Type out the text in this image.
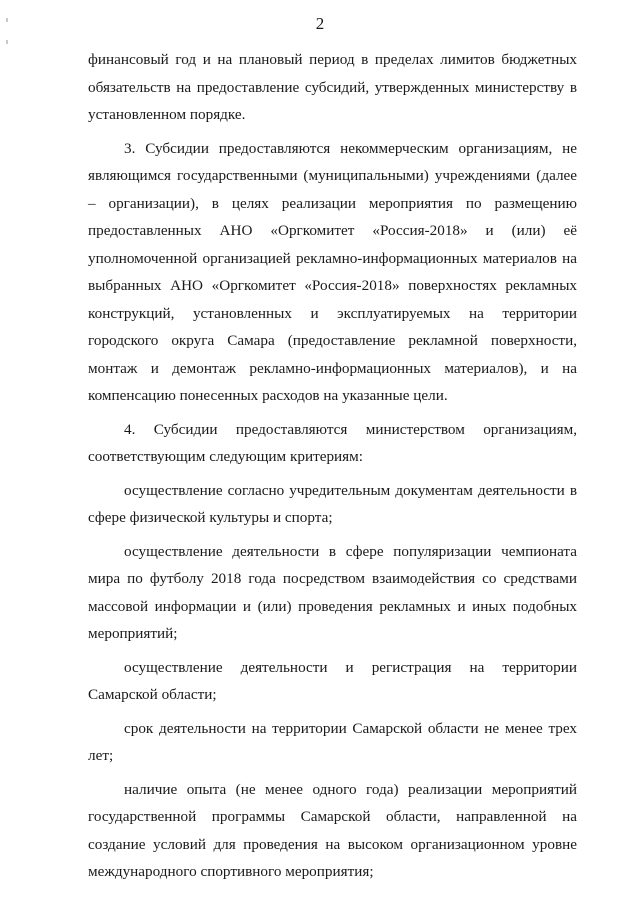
2

финансовый год и на плановый период в пределах лимитов бюджетных обязательств на предоставление субсидий, утвержденных министерству в установленном порядке.

3. Субсидии предоставляются некоммерческим организациям, не являющимся государственными (муниципальными) учреждениями (далее – организации), в целях реализации мероприятия по размещению предоставленных АНО «Оргкомитет «Россия-2018» и (или) её уполномоченной организацией рекламно-информационных материалов на выбранных АНО «Оргкомитет «Россия-2018» поверхностях рекламных конструкций, установленных и эксплуатируемых на территории городского округа Самара (предоставление рекламной поверхности, монтаж и демонтаж рекламно-информационных материалов), и на компенсацию понесенных расходов на указанные цели.

4. Субсидии предоставляются министерством организациям, соответствующим следующим критериям:

осуществление согласно учредительным документам деятельности в сфере физической культуры и спорта;

осуществление деятельности в сфере популяризации чемпионата мира по футболу 2018 года посредством взаимодействия со средствами массовой информации и (или) проведения рекламных и иных подобных мероприятий;

осуществление деятельности и регистрация на территории Самарской области;

срок деятельности на территории Самарской области не менее трех лет;

наличие опыта (не менее одного года) реализации мероприятий государственной программы Самарской области, направленной на создание условий для проведения на высоком организационном уровне международного спортивного мероприятия;
